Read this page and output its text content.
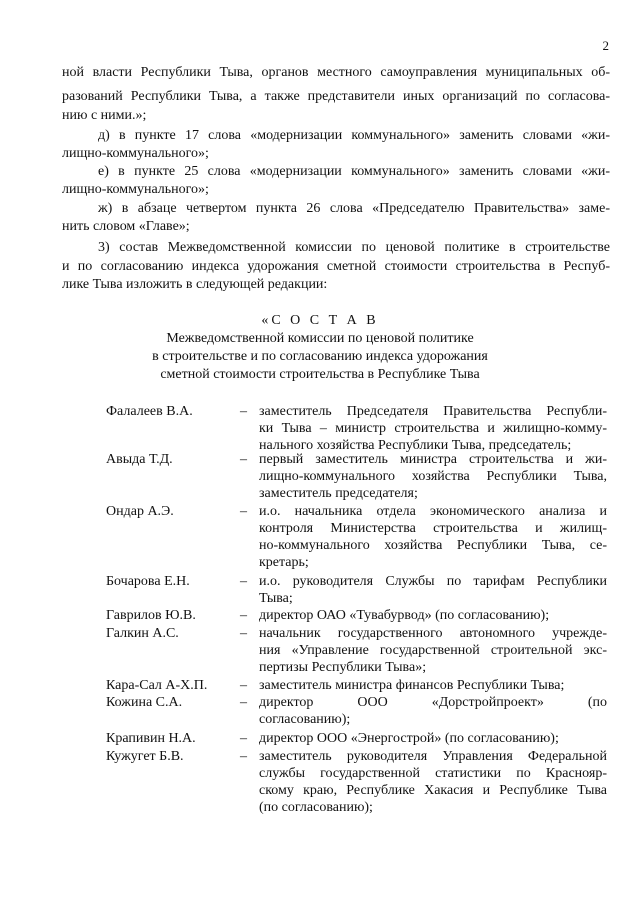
2
ной власти Республики Тыва, органов местного самоуправления муниципальных об-
разований Республики Тыва, а также представители иных организаций по согласова-
нию с ними.»;
д) в пункте 17 слова «модернизации коммунального» заменить словами «жи-
лищно-коммунального»;
е) в пункте 25 слова «модернизации коммунального» заменить словами «жи-
лищно-коммунального»;
ж) в абзаце четвертом пункта 26 слова «Председателю Правительства» заме-
нить словом «Главе»;
3) состав Межведомственной комиссии по ценовой политике в строительстве
и по согласованию индекса удорожания сметной стоимости строительства в Респуб-
лике Тыва изложить в следующей редакции:
«С О С Т А В
Межведомственной комиссии по ценовой политике
в строительстве и по согласованию индекса удорожания
сметной стоимости строительства в Республике Тыва
Фалалеев В.А.	– заместитель Председателя Правительства Республи-
ки Тыва – министр строительства и жилищно-комму-
нального хозяйства Республики Тыва, председатель;
Авыда Т.Д.	– первый заместитель министра строительства и жи-
лищно-коммунального хозяйства Республики Тыва,
заместитель председателя;
Ондар А.Э.	– и.о. начальника отдела экономического анализа и
контроля Министерства строительства и жилищ-
но-коммунального хозяйства Республики Тыва, се-
кретарь;
Бочарова Е.Н.	– и.о. руководителя Службы по тарифам Республики
Тыва;
Гаврилов Ю.В.	– директор ОАО «Тувабурвод» (по согласованию);
Галкин А.С.	– начальник государственного автономного учрежде-
ния «Управление государственной строительной экс-
пертизы Республики Тыва»;
Кара-Сал А-Х.П. – заместитель министра финансов Республики Тыва;
Кожина С.А.	– директор ООО «Дорстройпроект» (по
согласованию);
Крапивин Н.А.	– директор ООО «Энергострой» (по согласованию);
Кужугет Б.В.	– заместитель руководителя Управления Федеральной
службы государственной статистики по Краснояр-
скому краю, Республике Хакасия и Республике Тыва
(по согласованию);
